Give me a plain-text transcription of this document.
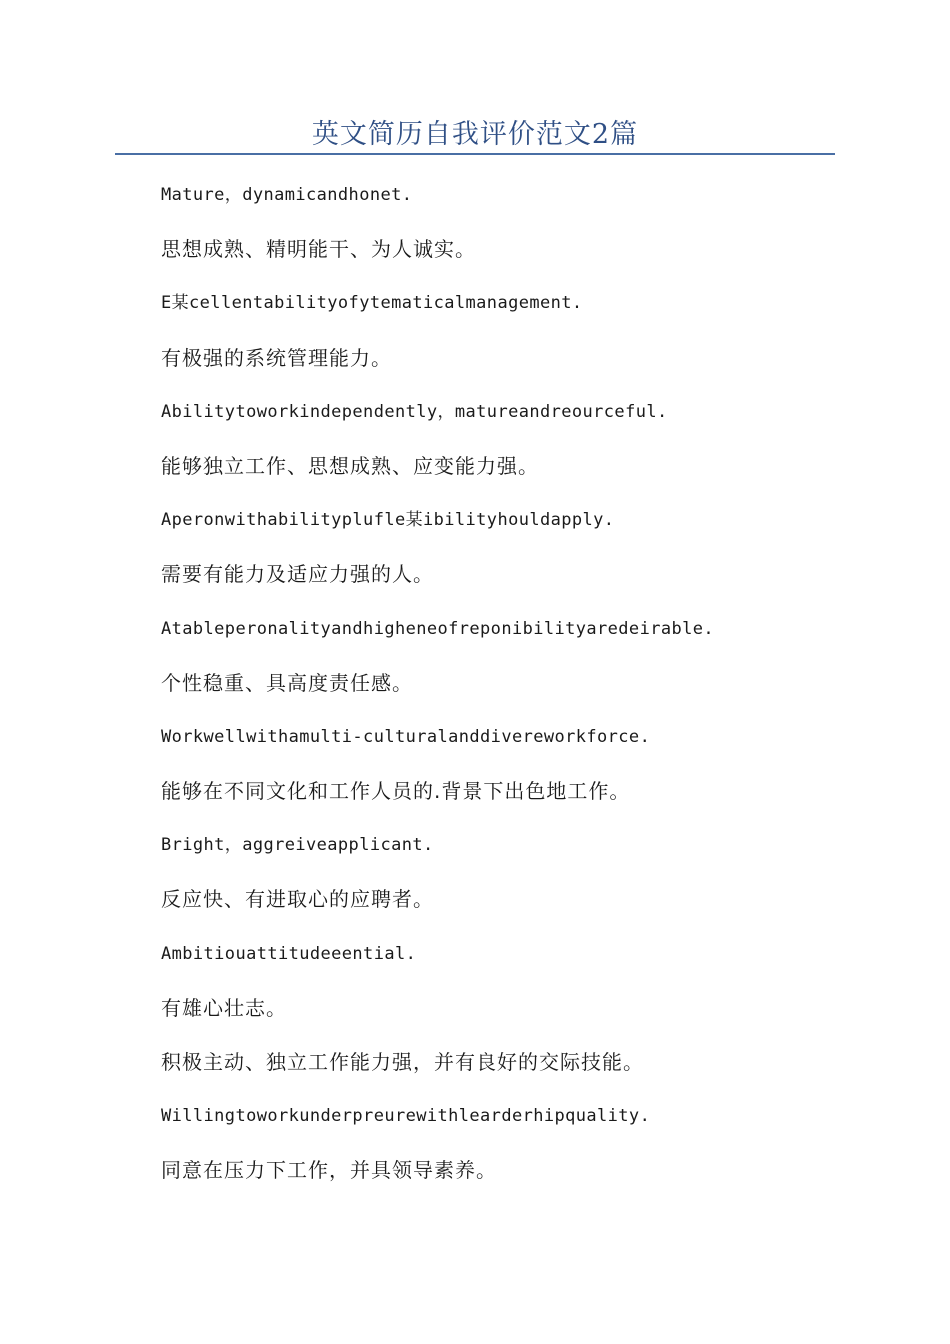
英文简历自我评价范文2篇
Mature，dynamicandhonet.
思想成熟、精明能干、为人诚实。
E某cellentabilityofytematicalmanagement.
有极强的系统管理能力。
Abilitytoworkindependently，matureandreourceful.
能够独立工作、思想成熟、应变能力强。
Aperonwithabilityplufle某ibilityhouldapply.
需要有能力及适应力强的人。
Atableperonalityandhigheneofreponibilityaredeirable.
个性稳重、具高度责任感。
Workwellwithamulti-culturalanddivereworkforce.
能够在不同文化和工作人员的.背景下出色地工作。
Bright，aggreiveapplicant.
反应快、有进取心的应聘者。
Ambitiouattitudeeential.
有雄心壮志。
积极主动、独立工作能力强，并有良好的交际技能。
Willingtoworkunderpreurewithlearderhipquality.
同意在压力下工作，并具领导素养。
